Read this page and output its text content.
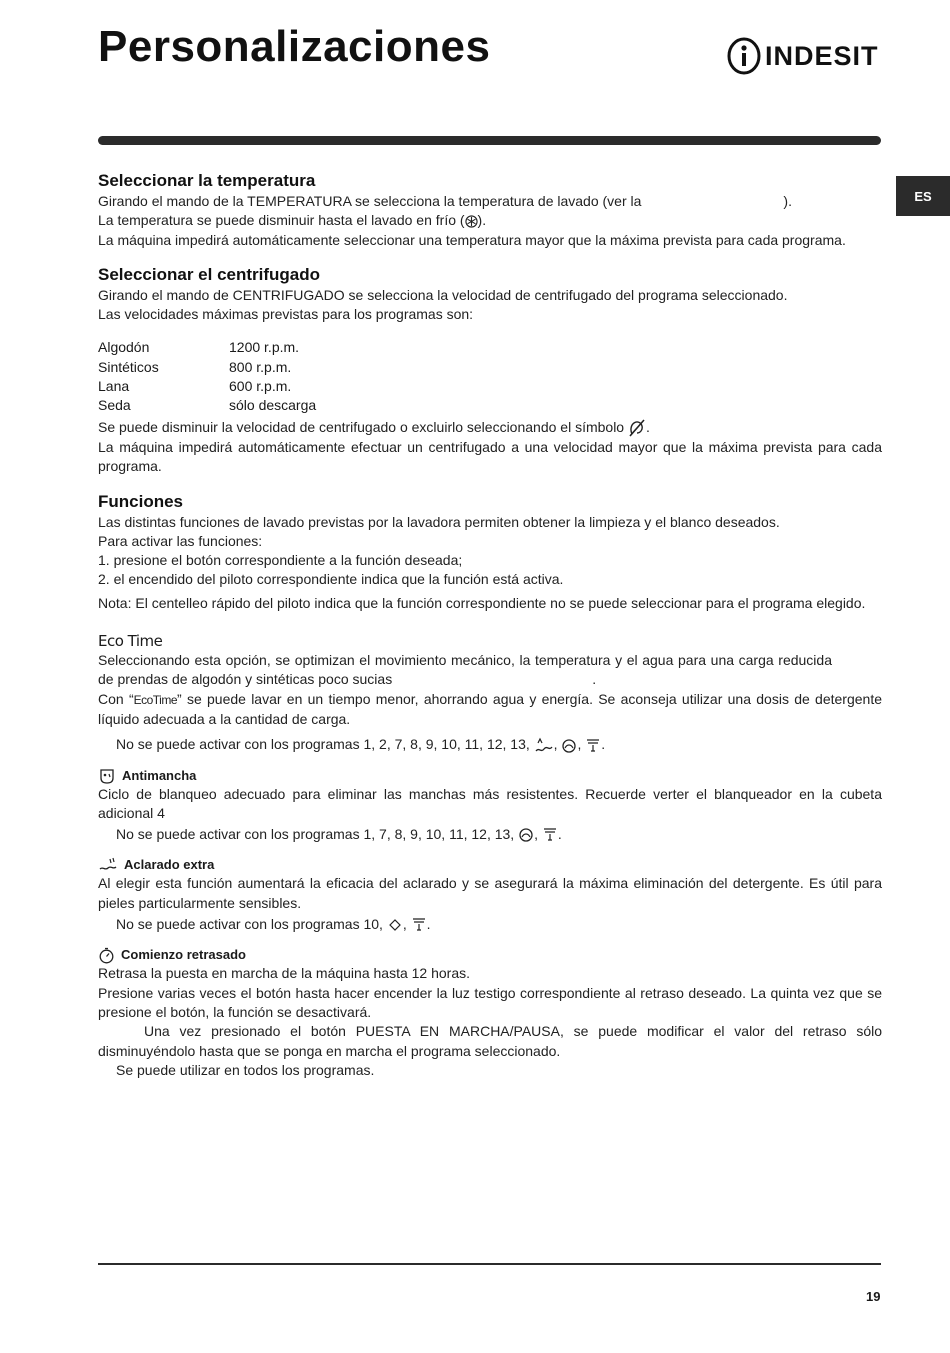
Personalizaciones	INDESIT
ES
Seleccionar la temperatura

Girando el mando de la TEMPERATURA se selecciona la temperatura de lavado (ver la	).

La temperatura se puede disminuir hasta el lavado en frío ( ).

La máquina impedirá automáticamente seleccionar una temperatura mayor que la máxima prevista para cada programa.

Seleccionar el centrifugado

Girando el mando de CENTRIFUGADO se selecciona la velocidad de centrifugado del programa seleccionado.

Las velocidades máximas previstas para los programas son:

Algodón	1200 r.p.m.
Sintéticos	800 r.p.m.
Lana	600 r.p.m.
Seda	sólo descarga

Se puede disminuir la velocidad de centrifugado o excluirlo seleccionando el símbolo .

La máquina impedirá automáticamente efectuar un centrifugado a una velocidad mayor que la máxima prevista para cada programa.

Funciones

Las distintas funciones de lavado previstas por la lavadora permiten obtener la limpieza y el blanco deseados.

Para activar las funciones:

1. presione el botón correspondiente a la función deseada;

2. el encendido del piloto correspondiente indica que la función está activa.

Nota: El centelleo rápido del piloto indica que la función correspondiente no se puede seleccionar para el programa elegido.

Eco Time

Seleccionando esta opción, se optimizan el movimiento mecánico, la temperatura y el agua para una carga reducida de prendas de algodón y sintéticas poco sucias	.

Con “EcoTime” se puede lavar en un tiempo menor, ahorrando agua y energía. Se aconseja utilizar una dosis de detergente líquido adecuada a la cantidad de carga.

No se puede activar con los programas 1, 2, 7, 8, 9, 10, 11, 12, 13, , , .

Antimancha

Ciclo de blanqueo adecuado para eliminar las manchas más resistentes. Recuerde verter el blanqueador en la cubeta adicional 4

No se puede activar con los programas 1, 7, 8, 9, 10, 11, 12, 13, , .

Aclarado extra

Al elegir esta función aumentará la eficacia del aclarado y se asegurará la máxima eliminación del detergente. Es útil para pieles particularmente sensibles.

No se puede activar con los programas 10, , .

Comienzo retrasado

Retrasa la puesta en marcha de la máquina hasta 12 horas.

Presione varias veces el botón hasta hacer encender la luz testigo correspondiente al retraso deseado. La quinta vez que se presione el botón, la función se desactivará.

Una vez presionado el botón PUESTA EN MARCHA/PAUSA, se puede modificar el valor del retraso sólo disminuyéndolo hasta que se ponga en marcha el programa seleccionado.

Se puede utilizar en todos los programas.

19
